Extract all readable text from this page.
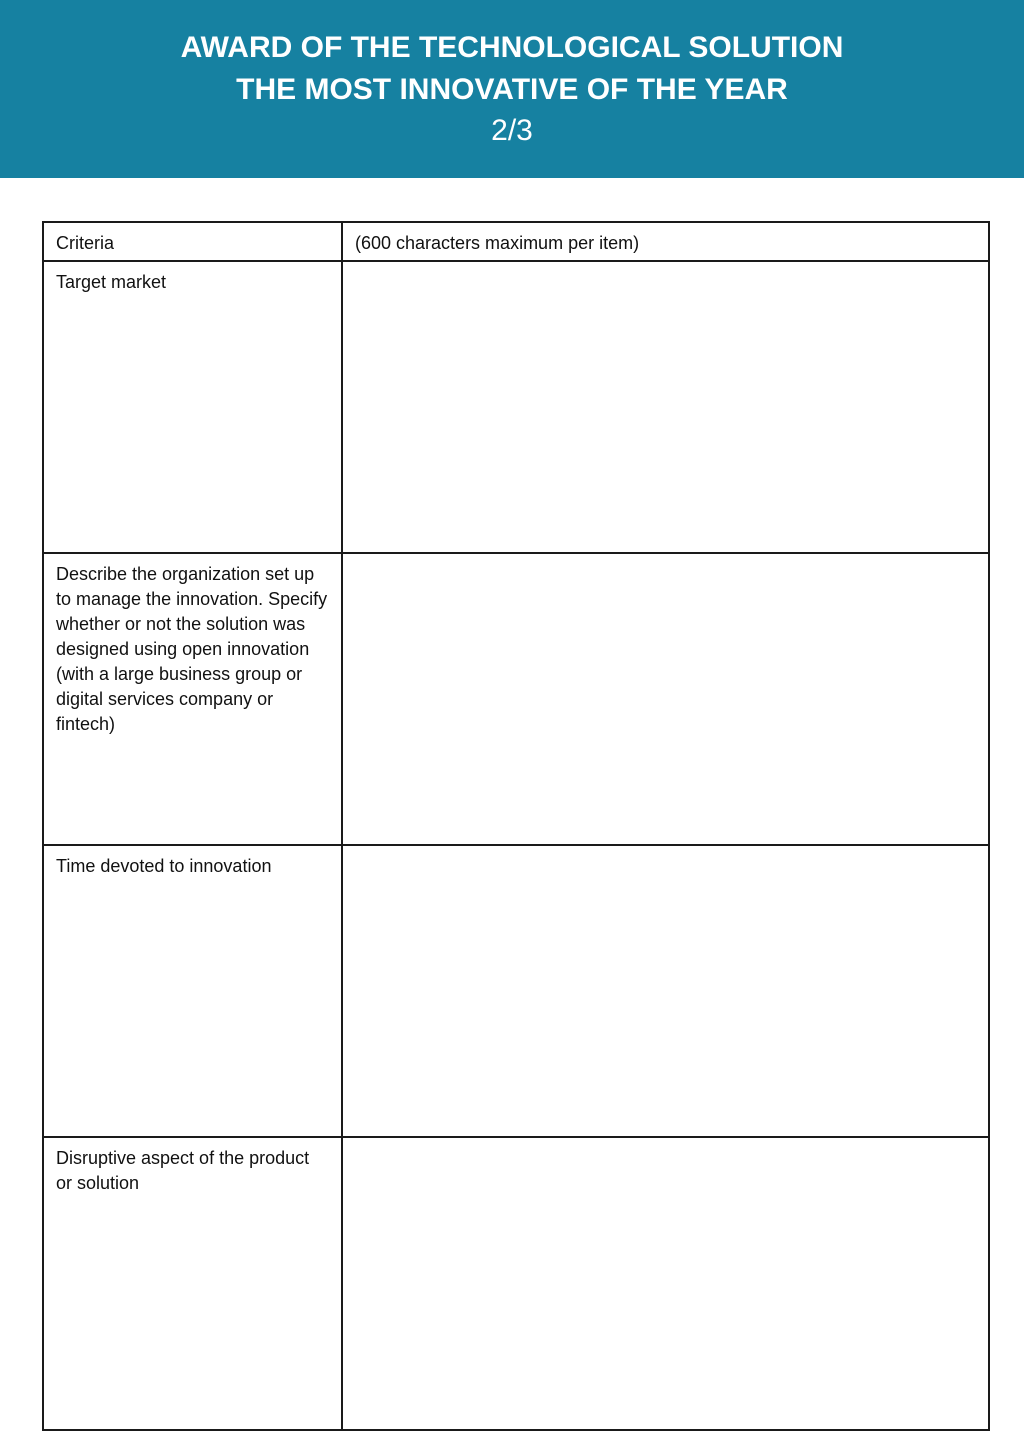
AWARD OF THE TECHNOLOGICAL SOLUTION
THE MOST INNOVATIVE OF THE YEAR
2/3
Criteria	(600 characters maximum per item)
Target market	
Describe the organization set up to manage the innovation. Specify whether or not the solution was designed using open innovation (with a large business group or digital services company or fintech)	
Time devoted to innovation	
Disruptive aspect of the product or solution	
